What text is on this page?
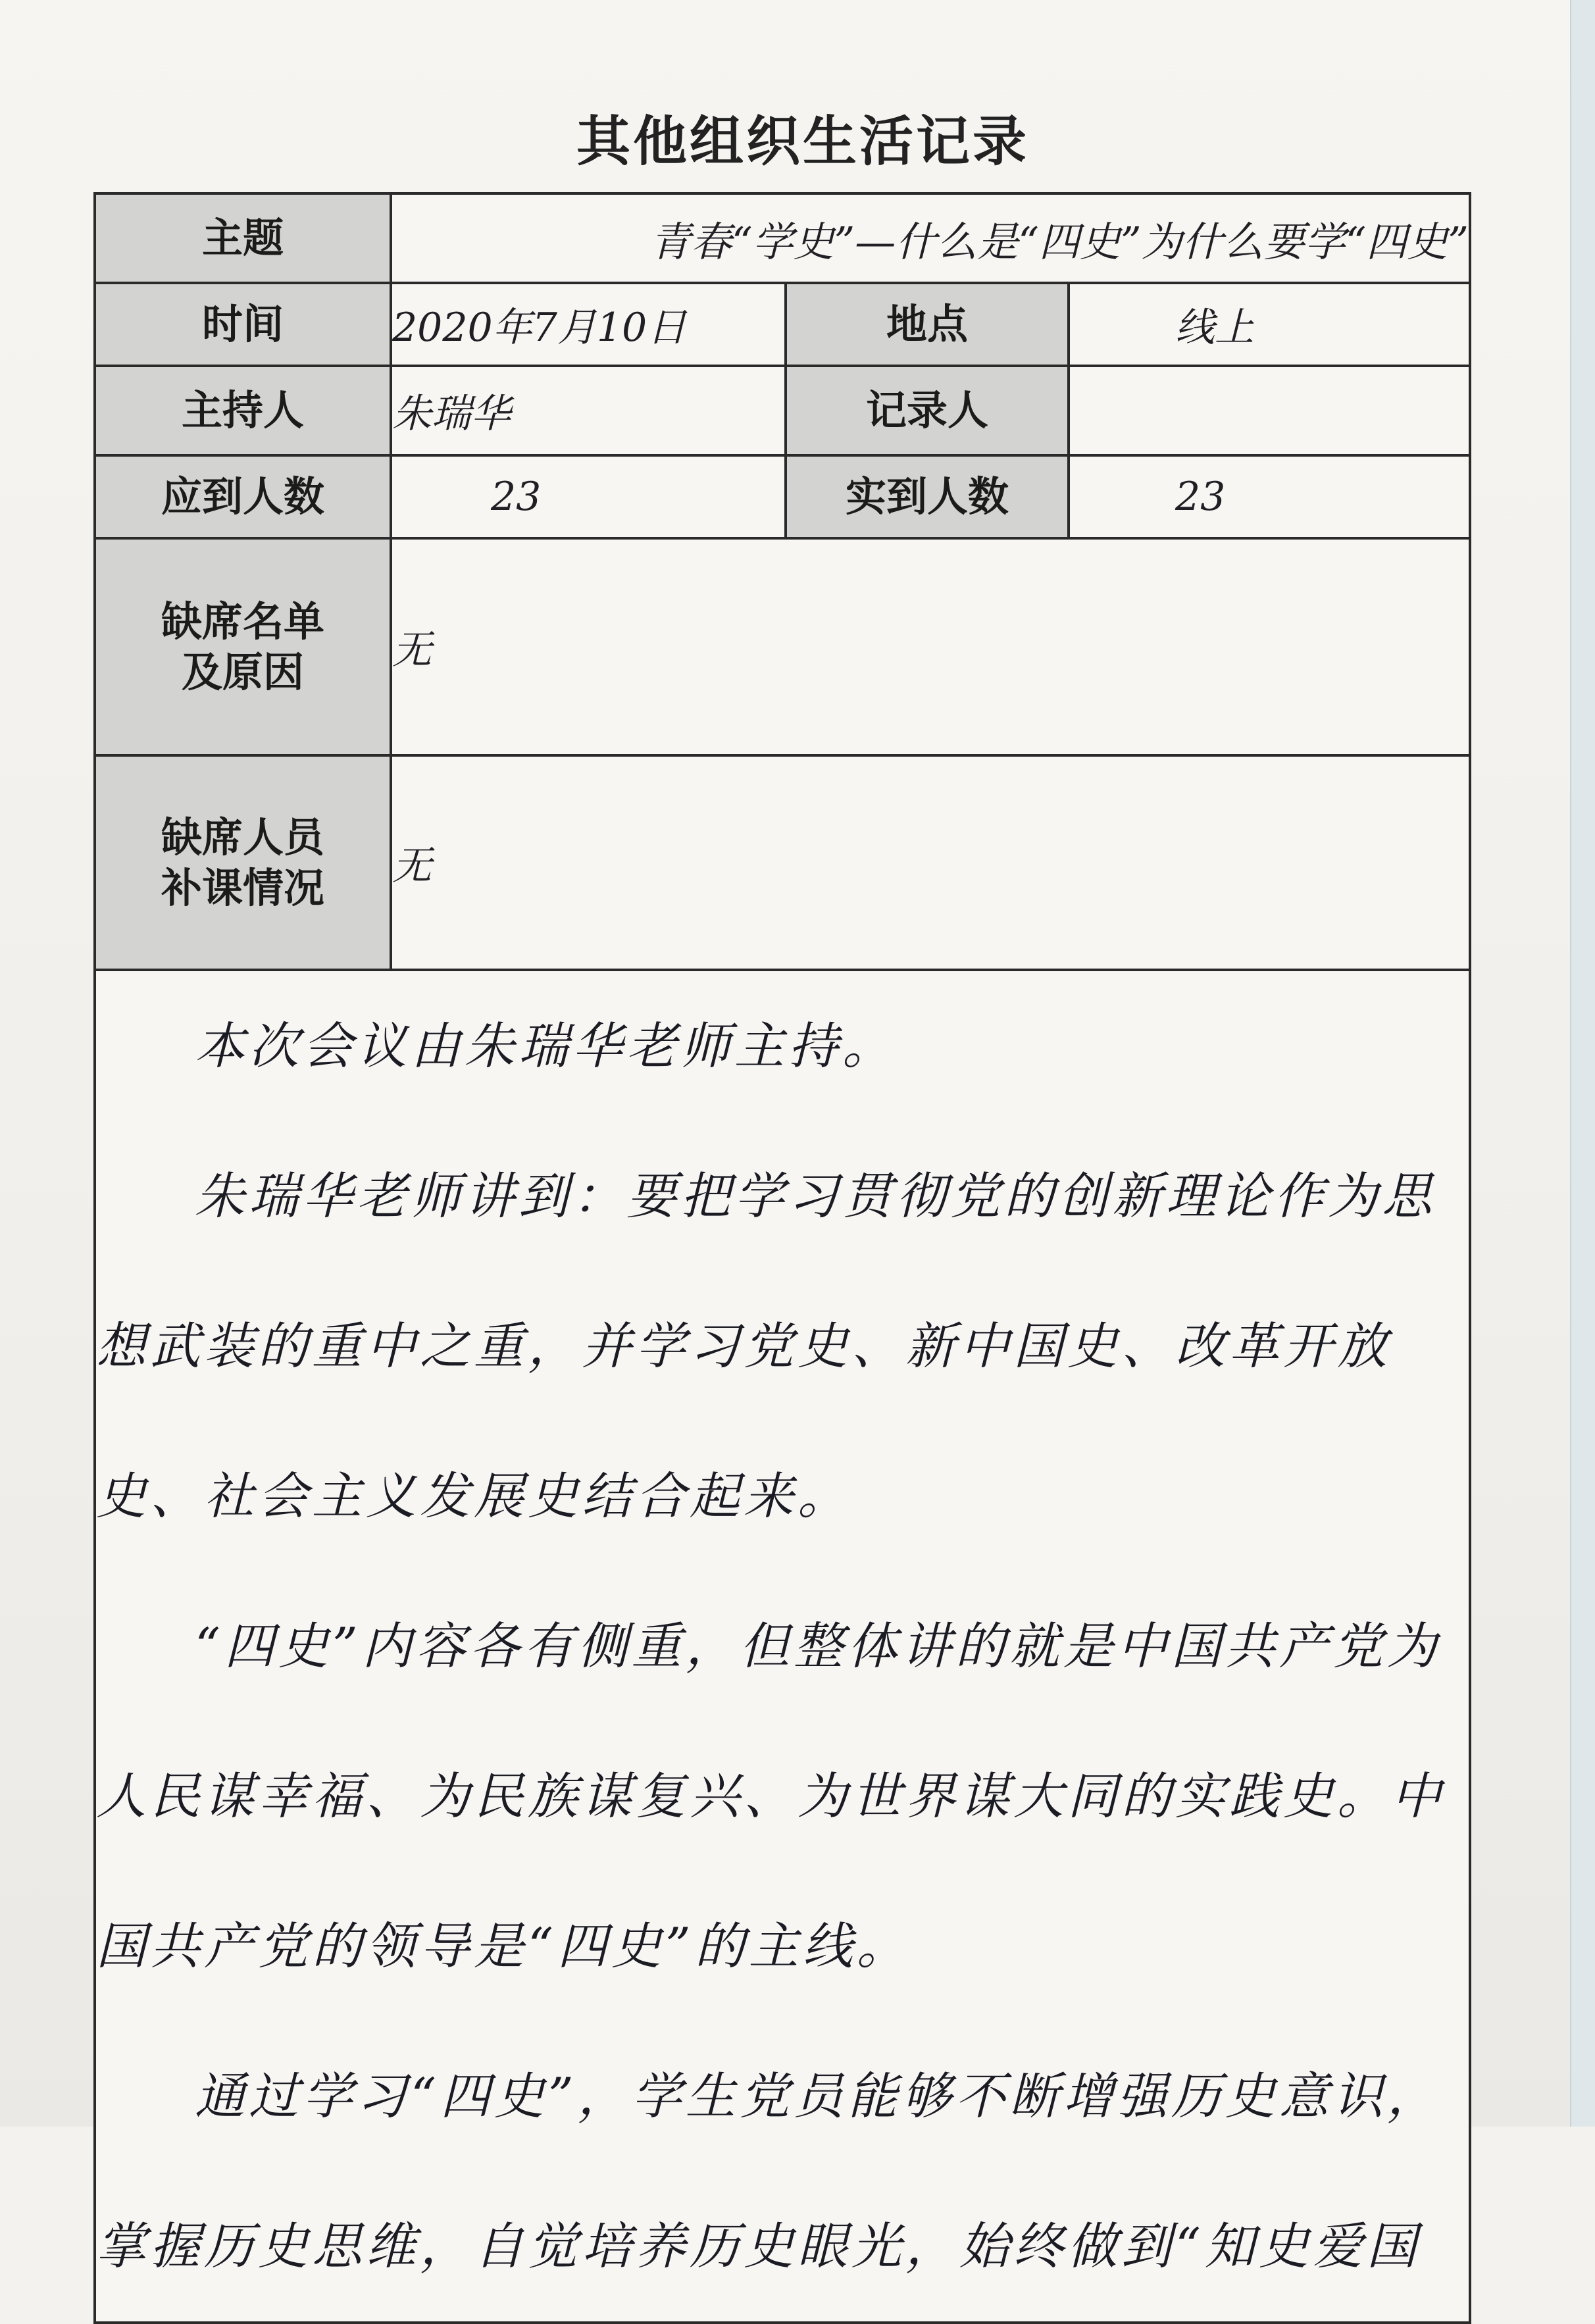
其他组织生活记录
主题	青春“学史”—什么是“四史”为什么要学“四史”		
时间	2020年7月10日	地点	线上
主持人	朱瑞华	记录人	
应到人数	23	实到人数	23

缺席名单
及原因	无		

缺席人员
补课情况	无		

本次会议由朱瑞华老师主持。
朱瑞华老师讲到：要把学习贯彻党的创新理论作为思想武装的重中之重，并学习党史、新中国史、改革开放史、社会主义发展史结合起来。
“四史”内容各有侧重，但整体讲的就是中国共产党为人民谋幸福、为民族谋复兴、为世界谋大同的实践史。中国共产党的领导是“四史”的主线。
通过学习“四史”，学生党员能够不断增强历史意识，掌握历史思维，自觉培养历史眼光，始终做到“知史爱国			
